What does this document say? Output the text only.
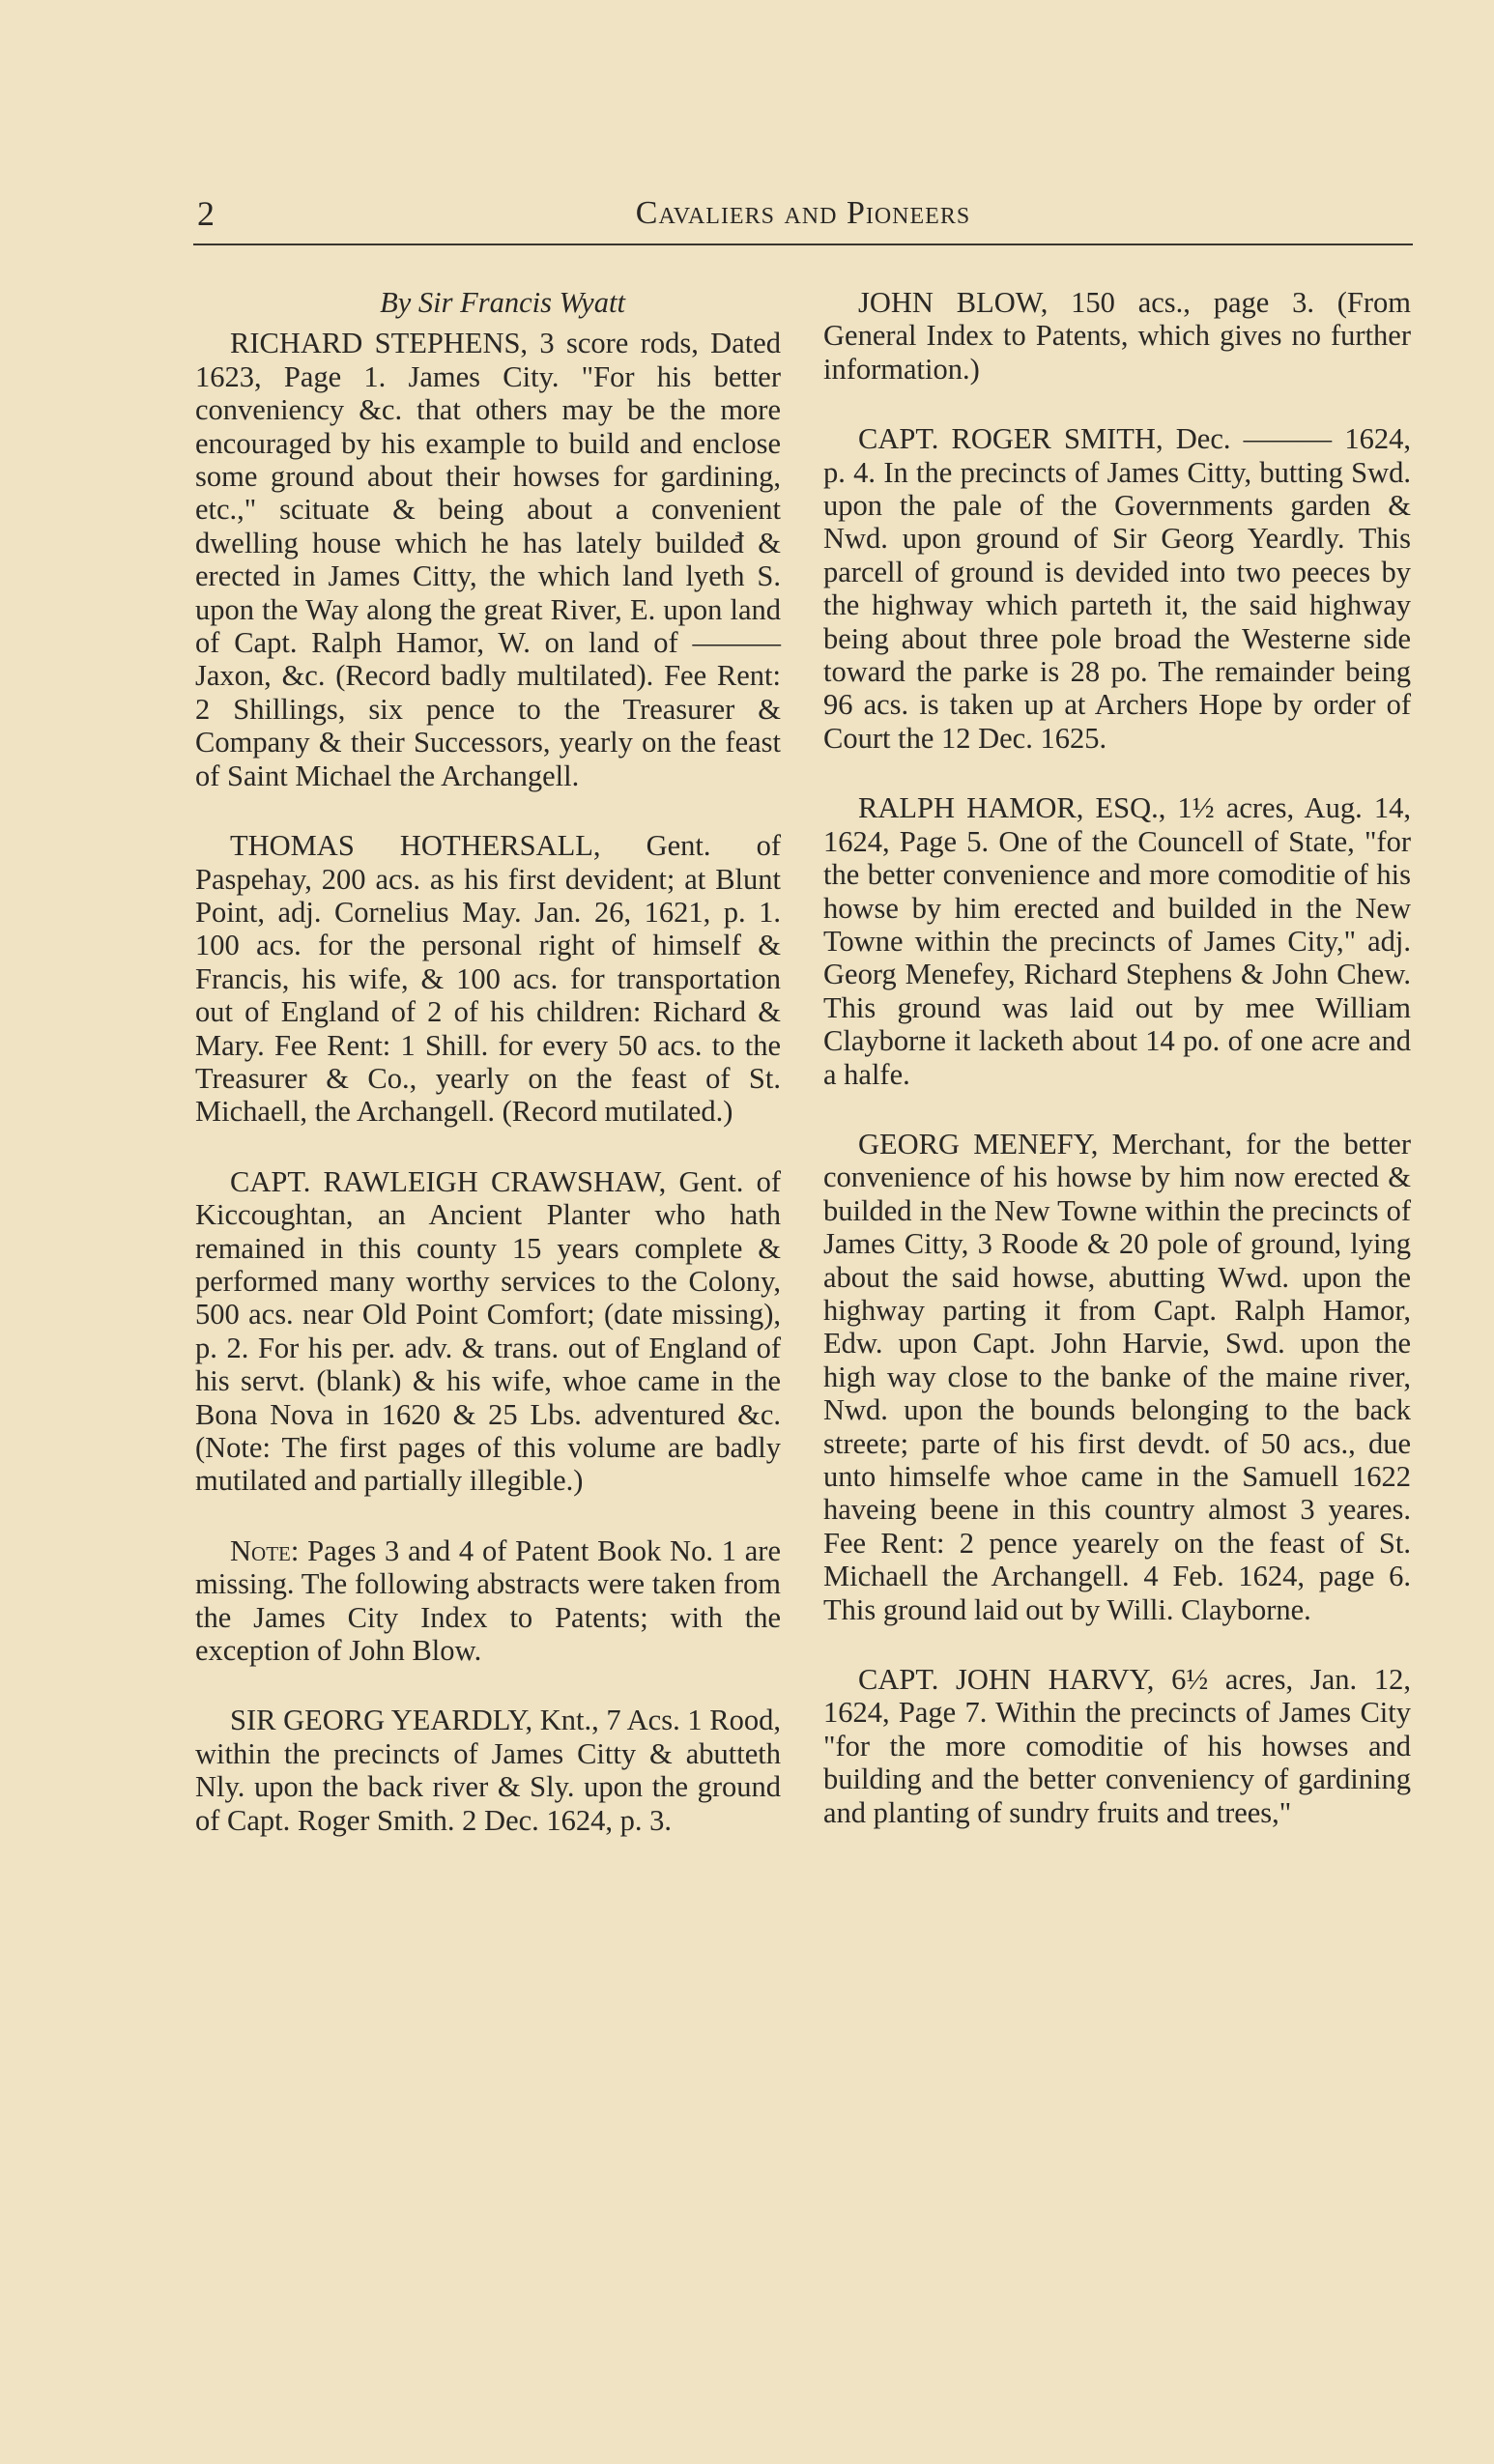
2	Cavaliers and Pioneers

By Sir Francis Wyatt

RICHARD STEPHENS, 3 score rods, Dated 1623, Page 1. James City. "For his better conveniency &c. that others may be the more encouraged by his example to build and enclose some ground about their howses for gardining, etc.," scituate & being about a convenient dwelling house which he has lately buildeđ & erected in James Citty, the which land lyeth S. upon the Way along the great River, E. upon land of Capt. Ralph Hamor, W. on land of ——— Jaxon, &c. (Record badly multilated). Fee Rent: 2 Shillings, six pence to the Treasurer & Company & their Successors, yearly on the feast of Saint Michael the Archangell.

THOMAS HOTHERSALL, Gent. of Paspehay, 200 acs. as his first devident; at Blunt Point, adj. Cornelius May. Jan. 26, 1621, p. 1. 100 acs. for the personal right of himself & Francis, his wife, & 100 acs. for transportation out of England of 2 of his children: Richard & Mary. Fee Rent: 1 Shill. for every 50 acs. to the Treasurer & Co., yearly on the feast of St. Michaell, the Archangell. (Record mutilated.)

CAPT. RAWLEIGH CRAWSHAW, Gent. of Kiccoughtan, an Ancient Planter who hath remained in this county 15 years complete & performed many worthy services to the Colony, 500 acs. near Old Point Comfort; (date missing), p. 2. For his per. adv. & trans. out of England of his servt. (blank) & his wife, whoe came in the Bona Nova in 1620 & 25 Lbs. adventured &c. (Note: The first pages of this volume are badly mutilated and partially illegible.)

Note: Pages 3 and 4 of Patent Book No. 1 are missing. The following abstracts were taken from the James City Index to Patents; with the exception of John Blow.

SIR GEORG YEARDLY, Knt., 7 Acs. 1 Rood, within the precincts of James Citty & abutteth Nly. upon the back river & Sly. upon the ground of Capt. Roger Smith. 2 Dec. 1624, p. 3.

JOHN BLOW, 150 acs., page 3. (From General Index to Patents, which gives no further information.)

CAPT. ROGER SMITH, Dec. ——— 1624, p. 4. In the precincts of James Citty, butting Swd. upon the pale of the Governments garden & Nwd. upon ground of Sir Georg Yeardly. This parcell of ground is devided into two peeces by the highway which parteth it, the said highway being about three pole broad the Westerne side toward the parke is 28 po. The remainder being 96 acs. is taken up at Archers Hope by order of Court the 12 Dec. 1625.

RALPH HAMOR, ESQ., 1½ acres, Aug. 14, 1624, Page 5. One of the Councell of State, "for the better convenience and more comoditie of his howse by him erected and builded in the New Towne within the precincts of James City," adj. Georg Menefey, Richard Stephens & John Chew. This ground was laid out by mee William Clayborne it lacketh about 14 po. of one acre and a halfe.

GEORG MENEFY, Merchant, for the better convenience of his howse by him now erected & builded in the New Towne within the precincts of James Citty, 3 Roode & 20 pole of ground, lying about the said howse, abutting Wwd. upon the highway parting it from Capt. Ralph Hamor, Edw. upon Capt. John Harvie, Swd. upon the high way close to the banke of the maine river, Nwd. upon the bounds belonging to the back streete; parte of his first devdt. of 50 acs., due unto himselfe whoe came in the Samuell 1622 haveing beene in this country almost 3 yeares. Fee Rent: 2 pence yearely on the feast of St. Michaell the Archangell. 4 Feb. 1624, page 6. This ground laid out by Willi. Clayborne.

CAPT. JOHN HARVY, 6½ acres, Jan. 12, 1624, Page 7. Within the precincts of James City "for the more comoditie of his howses and building and the better conveniency of gardining and planting of sundry fruits and trees,"
